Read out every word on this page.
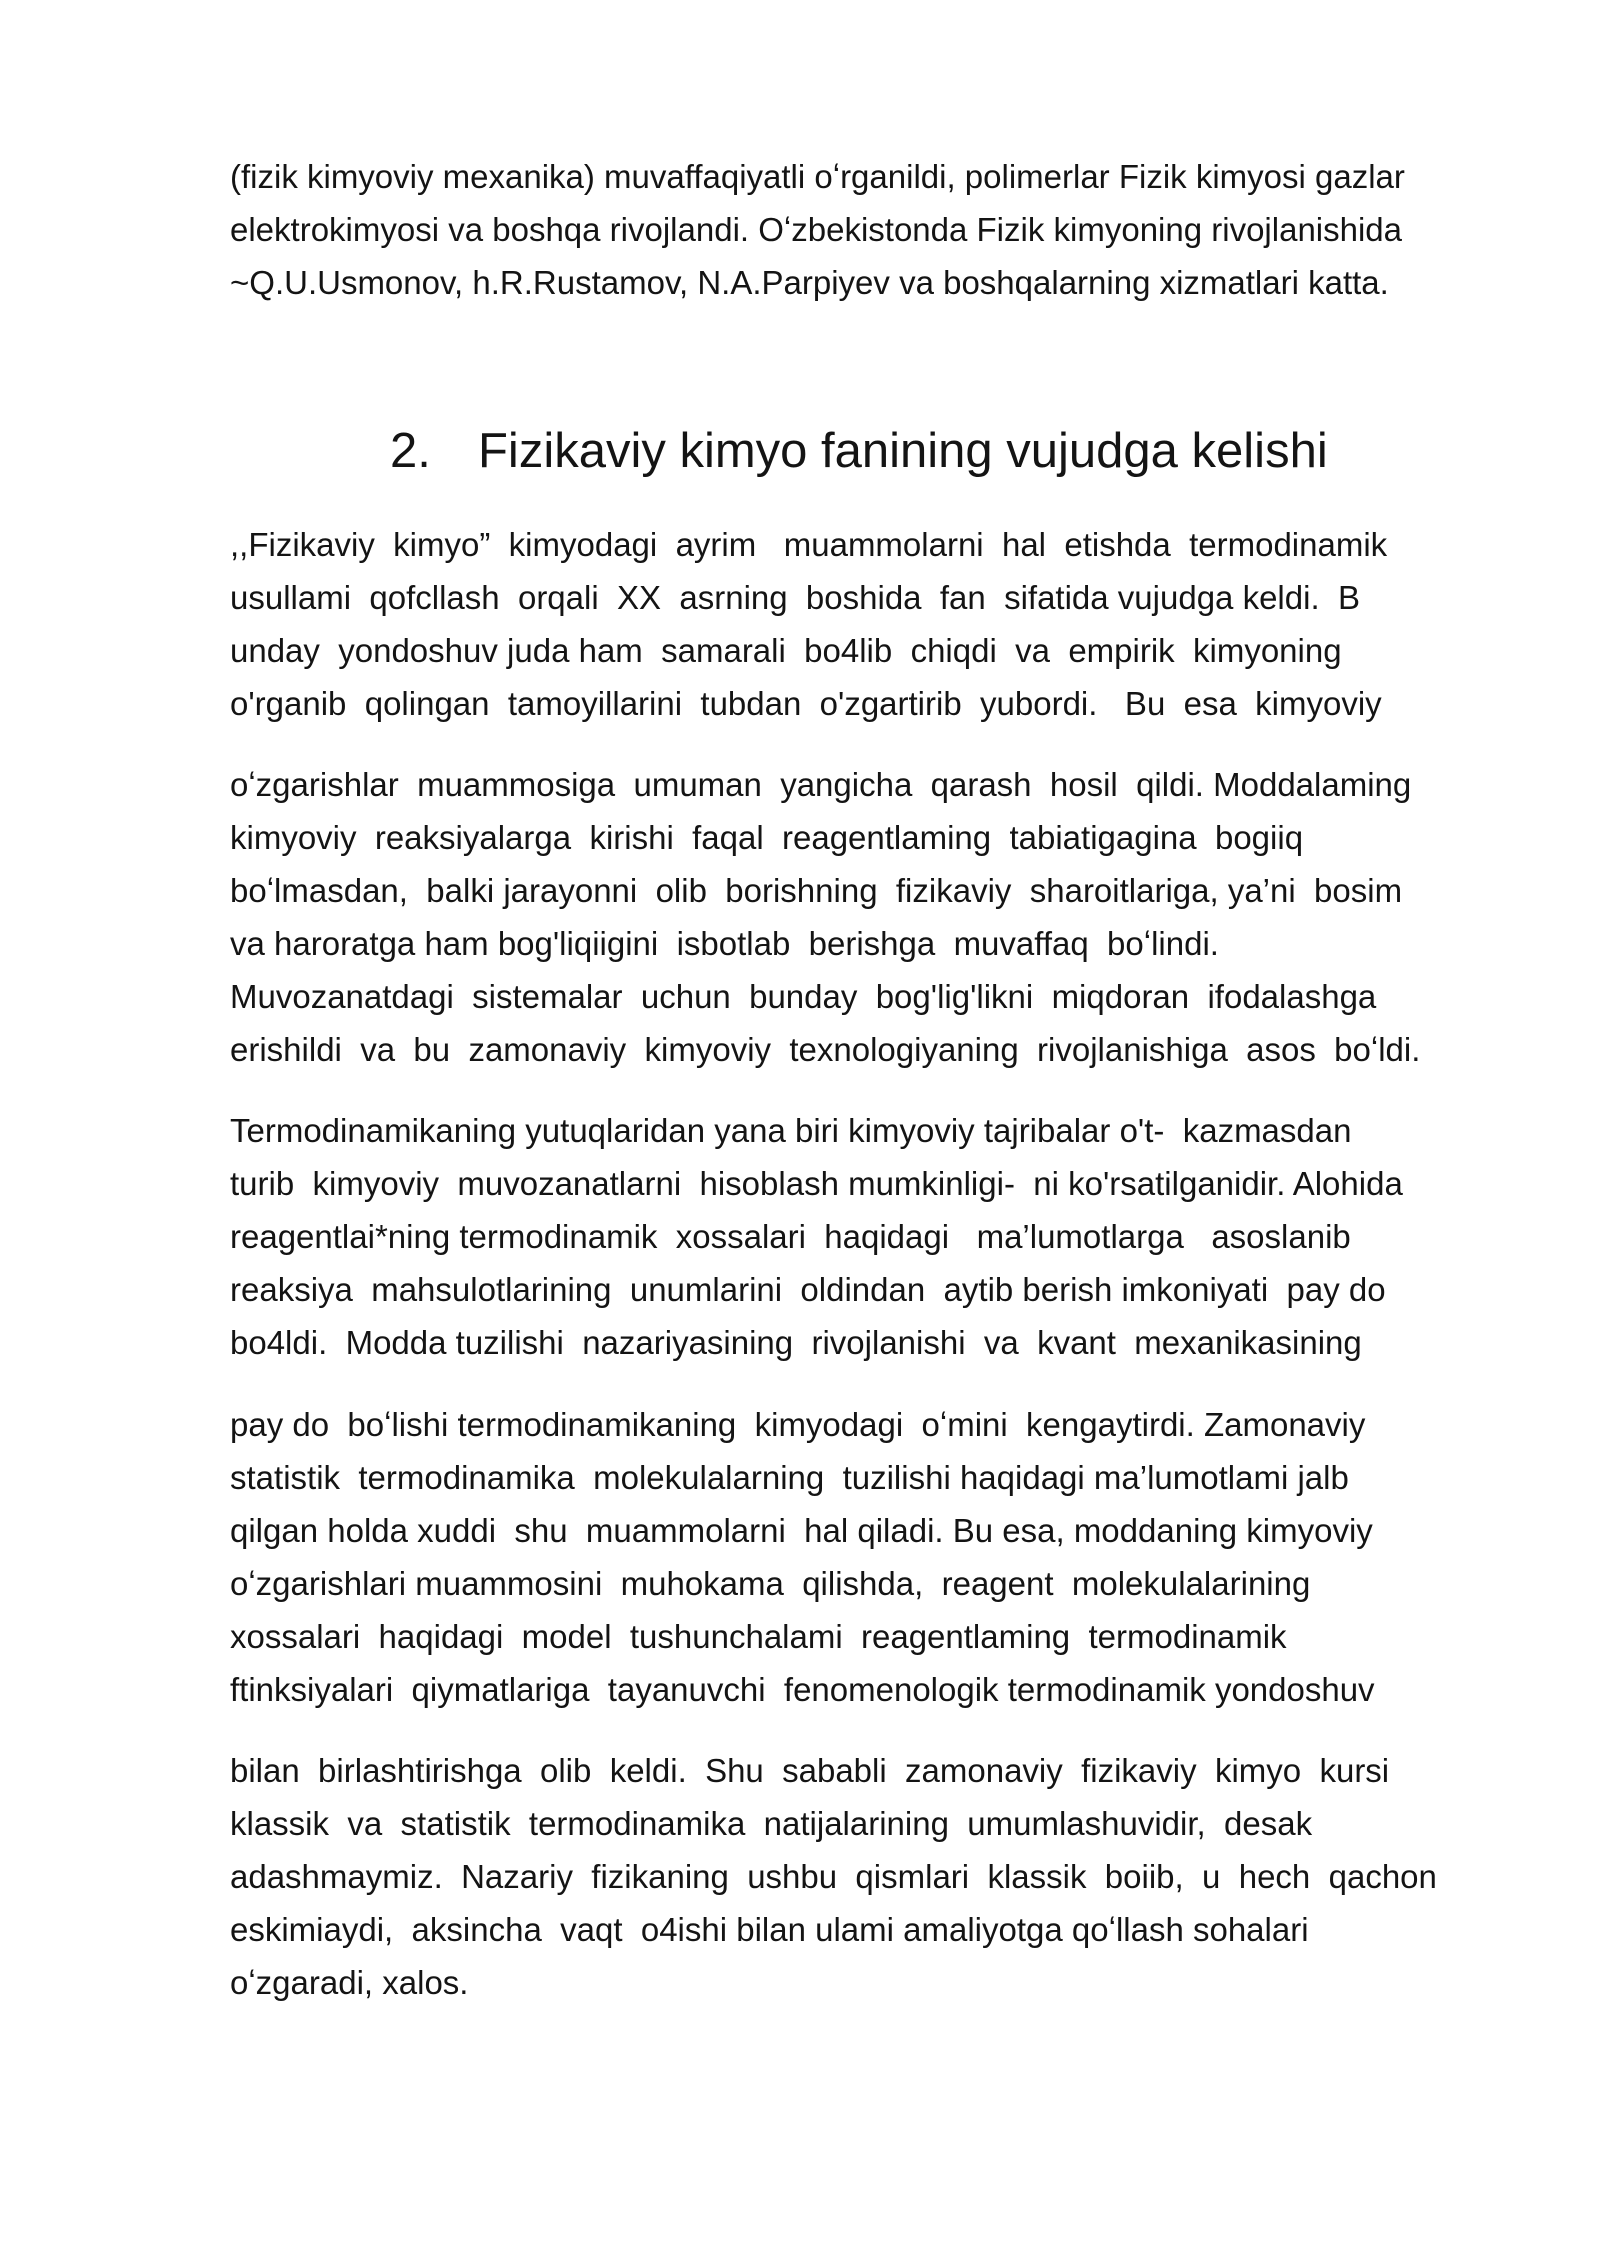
(fizik kimyoviy mexanika) muvaffaqiyatli oʻrganildi, polimerlar Fizik kimyosi gazlar
elektrokimyosi va boshqa rivojlandi. Oʻzbekistonda Fizik kimyoning rivojlanishida
~Q.U.Usmonov, h.R.Rustamov, N.A.Parpiyev va boshqalarning xizmatlari katta.
2. Fizikaviy kimyo fanining vujudga kelishi
,,Fizikaviy  kimyo”  kimyodagi  ayrim   muammolarni  hal  etishda  termodinamik
usullami  qofcllash  orqali  XX  asrning  boshida  fan  sifatida vujudga keldi.  B
unday  yondoshuv juda ham  samarali  bo4lib  chiqdi  va  empirik  kimyoning
o'rganib  qolingan  tamoyillarini  tubdan  o'zgartirib  yubordi.   Bu  esa  kimyoviy
oʻzgarishlar  muammosiga  umuman  yangicha  qarash  hosil  qildi. Moddalaming
kimyoviy  reaksiyalarga  kirishi  faqal  reagentlaming  tabiatigagina  bogiiq
boʻlmasdan,  balki jarayonni  olib  borishning  fizikaviy  sharoitlariga, ya’ni  bosim
va haroratga ham bog'liqiigini  isbotlab  berishga  muvaffaq  boʻlindi.
Muvozanatdagi  sistemalar  uchun  bunday  bog'lig'likni  miqdoran  ifodalashga
erishildi  va  bu  zamonaviy  kimyoviy  texnologiyaning  rivojlanishiga  asos  boʻldi.
Termodinamikaning yutuqlaridan yana biri kimyoviy tajribalar o't-  kazmasdan
turib  kimyoviy  muvozanatlarni  hisoblash mumkinligi-  ni ko'rsatilganidir. Alohida
reagentlai*ning termodinamik  xossalari  haqidagi   ma’lumotlarga   asoslanib
reaksiya  mahsulotlarining  unumlarini  oldindan  aytib berish imkoniyati  pay do
bo4ldi.  Modda tuzilishi  nazariyasining  rivojlanishi  va  kvant  mexanikasining
pay do  boʻlishi termodinamikaning  kimyodagi  oʻmini  kengaytirdi. Zamonaviy
statistik  termodinamika  molekulalarning  tuzilishi haqidagi ma’lumotlami jalb
qilgan holda xuddi  shu  muammolarni  hal qiladi. Bu esa, moddaning kimyoviy
oʻzgarishlari muammosini  muhokama  qilishda,  reagent  molekulalarining
xossalari  haqidagi  model  tushunchalami  reagentlaming  termodinamik
ftinksiyalari  qiymatlariga  tayanuvchi  fenomenologik termodinamik yondoshuv
bilan  birlashtirishga  olib  keldi.  Shu  sababli  zamonaviy  fizikaviy  kimyo  kursi
klassik  va  statistik  termodinamika  natijalarining  umumlashuvidir,  desak
adashmaymiz.  Nazariy  fizikaning  ushbu  qismlari  klassik  boiib,  u  hech  qachon
eskimiaydi,  aksincha  vaqt  o4ishi bilan ulami amaliyotga qoʻllash sohalari
oʻzgaradi, xalos.
